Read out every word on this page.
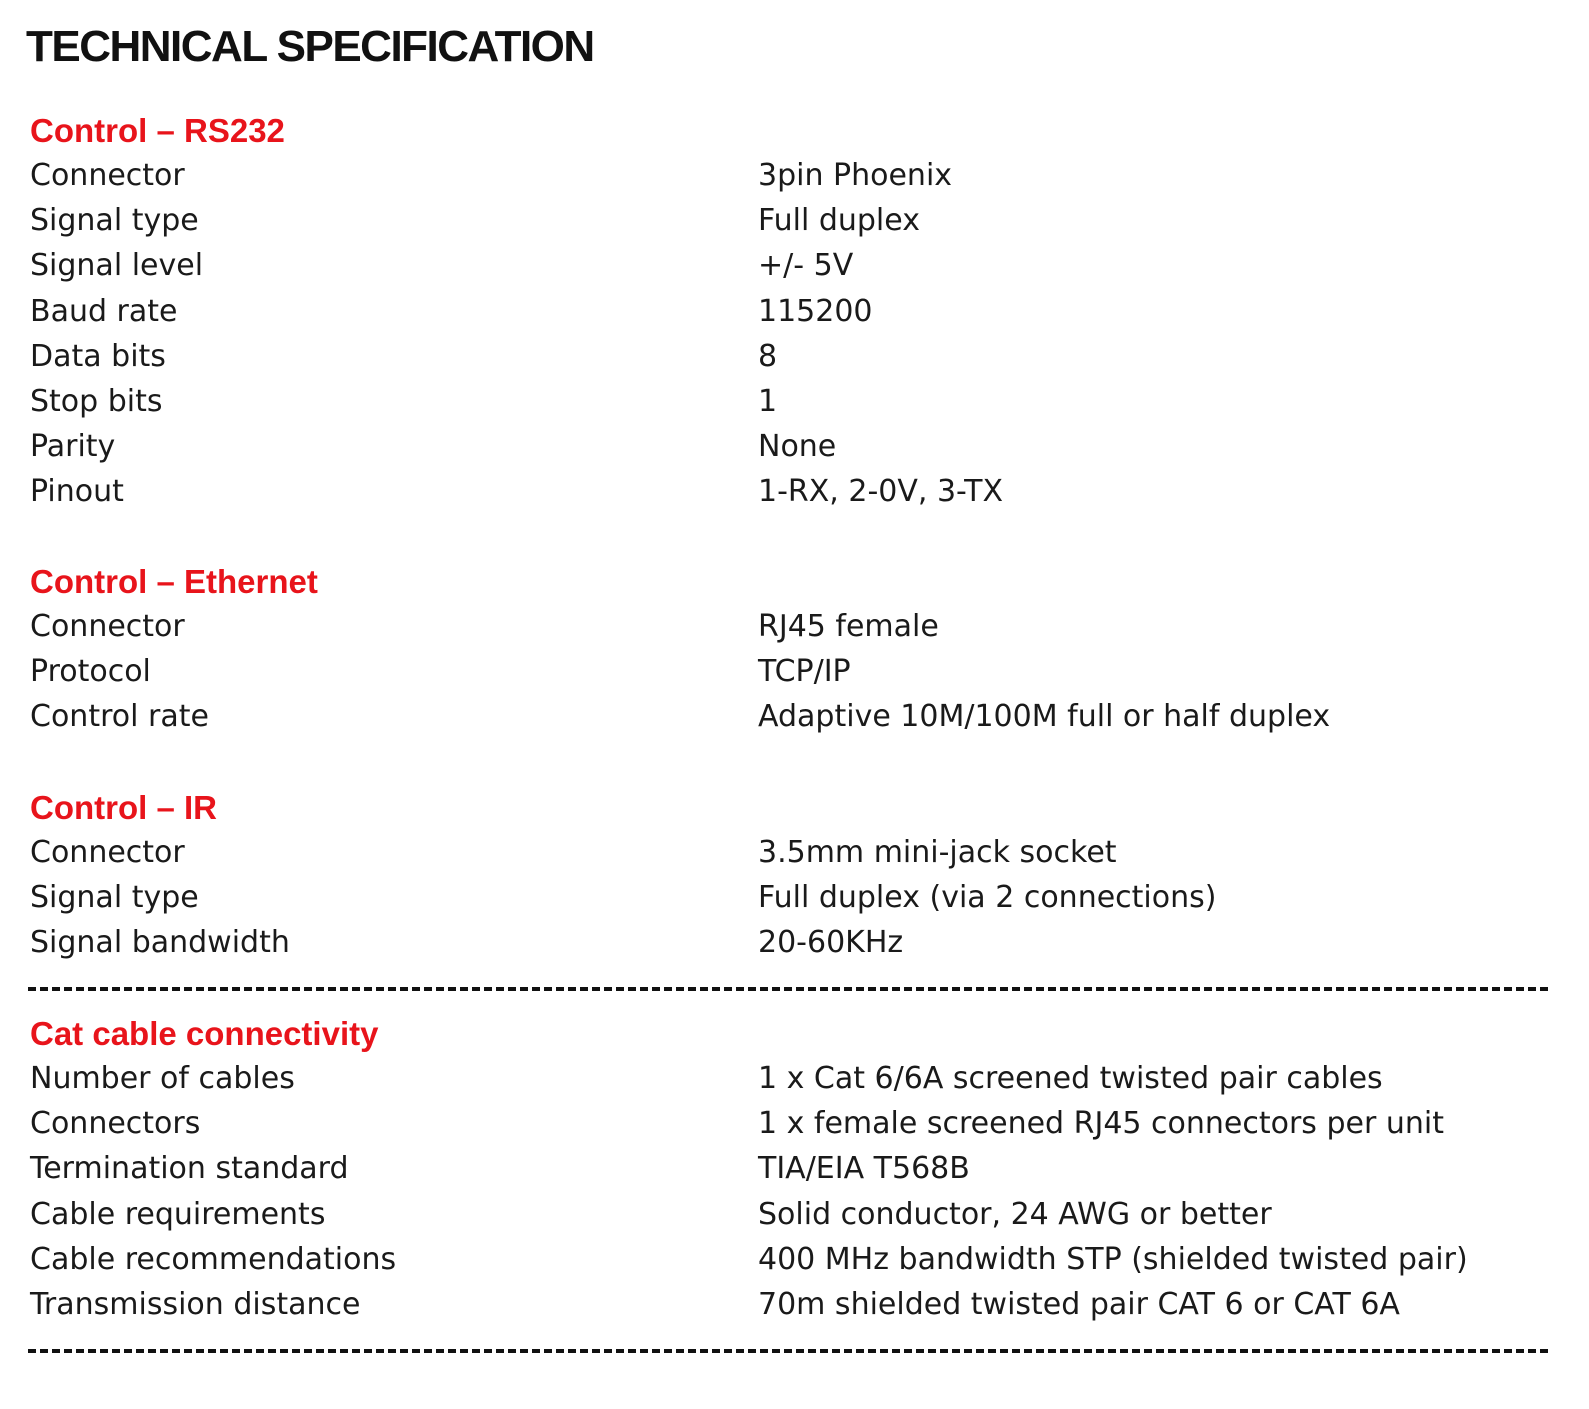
TECHNICAL SPECIFICATION
Control – RS232
Connector	3pin Phoenix
Signal type	Full duplex
Signal level	+/- 5V
Baud rate	115200
Data bits	8
Stop bits	1
Parity	None
Pinout	1-RX, 2-0V, 3-TX
Control – Ethernet
Connector	RJ45 female
Protocol	TCP/IP
Control rate	Adaptive 10M/100M full or half duplex
Control – IR
Connector	3.5mm mini-jack socket
Signal type	Full duplex (via 2 connections)
Signal bandwidth	20-60KHz
Cat cable connectivity
Number of cables	1 x Cat 6/6A screened twisted pair cables
Connectors	1 x female screened RJ45 connectors per unit
Termination standard	TIA/EIA T568B
Cable requirements	Solid conductor, 24 AWG or better
Cable recommendations	400 MHz bandwidth STP (shielded twisted pair)
Transmission distance	70m shielded twisted pair CAT 6 or CAT 6A
